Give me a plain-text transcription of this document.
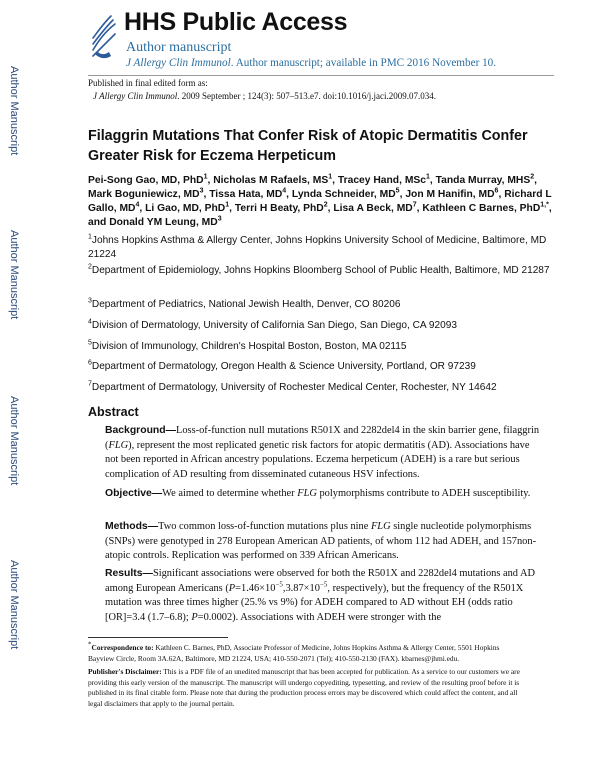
Author Manuscript
Author Manuscript
Author Manuscript
Author Manuscript
HHS Public Access
Author manuscript
J Allergy Clin Immunol. Author manuscript; available in PMC 2016 November 10.
Published in final edited form as:
J Allergy Clin Immunol. 2009 September ; 124(3): 507–513.e7. doi:10.1016/j.jaci.2009.07.034.
Filaggrin Mutations That Confer Risk of Atopic Dermatitis Confer Greater Risk for Eczema Herpeticum
Pei-Song Gao, MD, PhD$^1$, Nicholas M Rafaels, $MS^1$, Tracey Hand, MSc$^1$, Tanda Murray, MHS$^2$, Mark Boguniewicz, $MD^3$, Tissa Hata, $MD^4$, Lynda Schneider, $MD^5$, Jon M Hanifin, $MD^6$, Richard L Gallo, $MD^4$, Li Gao, MD, PhD$^1$, Terri H Beaty, PhD$^2$, Lisa A Beck, $MD^7$, Kathleen C Barnes, PhD$^{1,*}$, and Donald YM Leung, $MD^3$
$^1$Johns Hopkins Asthma & Allergy Center, Johns Hopkins University School of Medicine, Baltimore, MD 21224
$^2$Department of Epidemiology, Johns Hopkins Bloomberg School of Public Health, Baltimore, MD 21287
$^3$Department of Pediatrics, National Jewish Health, Denver, CO 80206
$^4$Division of Dermatology, University of California San Diego, San Diego, CA 92093
$^5$Division of Immunology, Children's Hospital Boston, Boston, MA 02115
$^6$Department of Dermatology, Oregon Health & Science University, Portland, OR 97239
$^7$Department of Dermatology, University of Rochester Medical Center, Rochester, NY 14642
Abstract
Background—Loss-of-function null mutations R501X and 2282del4 in the skin barrier gene, filaggrin (FLG), represent the most replicated genetic risk factors for atopic dermatitis (AD). Associations have not been reported in African ancestry populations. Eczema herpeticum (ADEH) is a rare but serious complication of AD resulting from disseminated cutaneous HSV infections.
Objective—We aimed to determine whether FLG polymorphisms contribute to ADEH susceptibility.
Methods—Two common loss-of-function mutations plus nine FLG single nucleotide polymorphisms (SNPs) were genotyped in 278 European American AD patients, of whom 112 had ADEH, and 157non-atopic controls. Replication was performed on 339 African Americans.
Results—Significant associations were observed for both the R501X and 2282del4 mutations and AD among European Americans ($P=1.46\times 10^{-5},3.87\times 10^{-5}$, respectively), but the frequency of the R501X mutation was three times higher (25.% vs 9%) for ADEH compared to AD without EH (odds ratio [OR]=3.4 (1.7–6.8); P=0.0002). Associations with ADEH were stronger with the
*Correspondence to: Kathleen C. Barnes, PhD, Associate Professor of Medicine, Johns Hopkins Asthma & Allergy Center, 5501 Hopkins Bayview Circle, Room 3A.62A, Baltimore, MD 21224, USA; 410-550-2071 (Tel); 410-550-2130 (FAX). kbarnes@jhmi.edu.
Publisher's Disclaimer: This is a PDF file of an unedited manuscript that has been accepted for publication. As a service to our customers we are providing this early version of the manuscript. The manuscript will undergo copyediting, typesetting, and review of the resulting proof before it is published in its final citable form. Please note that during the production process errors may be discovered which could affect the content, and all legal disclaimers that apply to the journal pertain.
